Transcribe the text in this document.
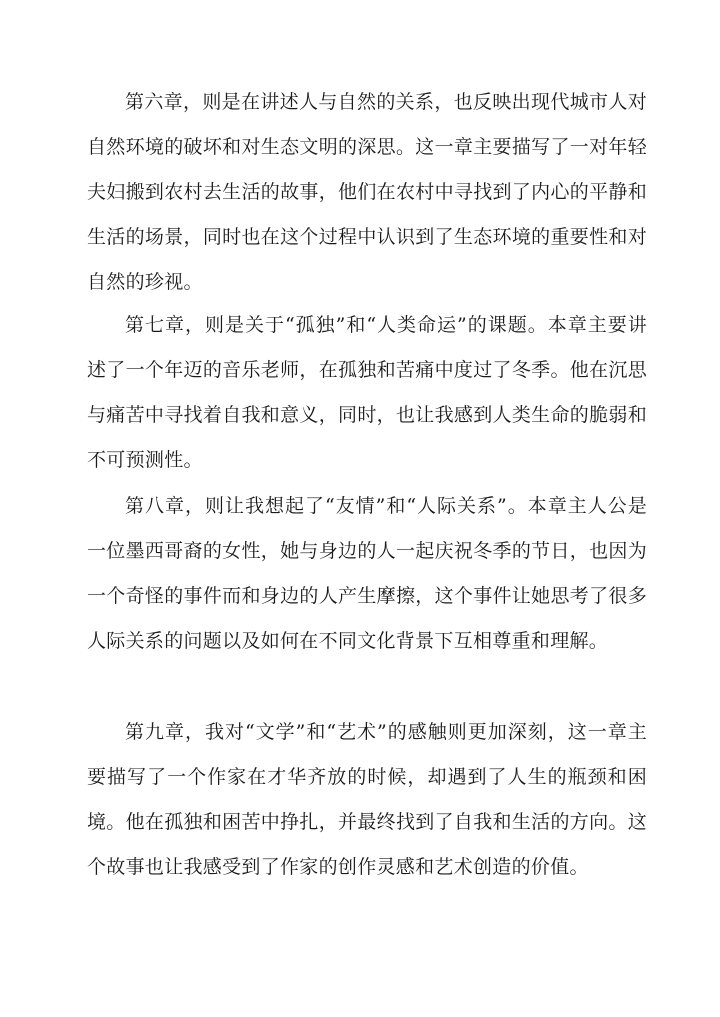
第六章，则是在讲述人与自然的关系，也反映出现代城市人对自然环境的破坏和对生态文明的深思。这一章主要描写了一对年轻夫妇搬到农村去生活的故事，他们在农村中寻找到了内心的平静和生活的场景，同时也在这个过程中认识到了生态环境的重要性和对自然的珍视。

第七章，则是关于“孤独”和“人类命运”的课题。本章主要讲述了一个年迈的音乐老师，在孤独和苦痛中度过了冬季。他在沉思与痛苦中寻找着自我和意义，同时，也让我感到人类生命的脆弱和不可预测性。

第八章，则让我想起了“友情”和“人际关系”。本章主人公是一位墨西哥裔的女性，她与身边的人一起庆祝冬季的节日，也因为一个奇怪的事件而和身边的人产生摩擦，这个事件让她思考了很多人际关系的问题以及如何在不同文化背景下互相尊重和理解。

第九章，我对“文学”和“艺术”的感触则更加深刻，这一章主要描写了一个作家在才华齐放的时候，却遇到了人生的瓶颈和困境。他在孤独和困苦中挣扎，并最终找到了自我和生活的方向。这个故事也让我感受到了作家的创作灵感和艺术创造的价值。
